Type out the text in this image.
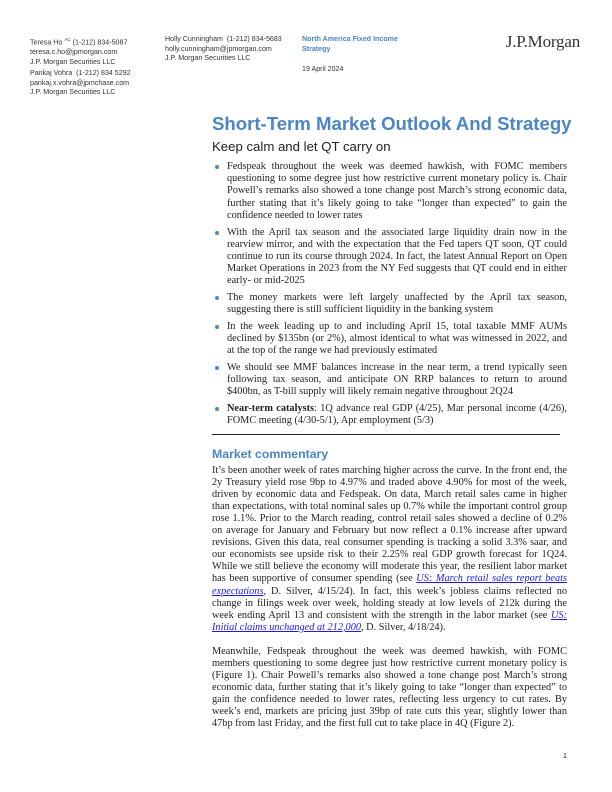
Teresa Ho $^{AC}$ (1-212) 834-5087
teresa.c.ho@jpmorgan.com
J.P. Morgan Securities LLC
Pankaj Vohra (1-212) 834 5292
pankaj.x.vohra@jpmchase.com
J.P. Morgan Securities LLC
Holly Cunningham (1-212) 834-5683
holly.cunningham@jpmorgan.com
J.P. Morgan Securities LLC
North America Fixed Income
Strategy
19 April 2024
J.P.Morgan
Short-Term Market Outlook And Strategy
Keep calm and let QT carry on
Fedspeak throughout the week was deemed hawkish, with FOMC members questioning to some degree just how restrictive current monetary policy is. Chair Powell’s remarks also showed a tone change post March’s strong economic data, further stating that it’s likely going to take “longer than expected” to gain the confidence needed to lower rates
With the April tax season and the associated large liquidity drain now in the rearview mirror, and with the expectation that the Fed tapers QT soon, QT could continue to run its course through 2024. In fact, the latest Annual Report on Open Market Operations in 2023 from the NY Fed suggests that QT could end in either early- or mid-2025
The money markets were left largely unaffected by the April tax season, suggesting there is still sufficient liquidity in the banking system
In the week leading up to and including April 15, total taxable MMF AUMs declined by $135bn (or 2%), almost identical to what was witnessed in 2022, and at the top of the range we had previously estimated
We should see MMF balances increase in the near term, a trend typically seen following tax season, and anticipate ON RRP balances to return to around $400bn, as T-bill supply will likely remain negative throughout 2Q24
Near-term catalysts: 1Q advance real GDP (4/25), Mar personal income (4/26), FOMC meeting (4/30-5/1), Apr employment (5/3)
Market commentary

It’s been another week of rates marching higher across the curve. In the front end, the 2y Treasury yield rose 9bp to 4.97% and traded above 4.90% for most of the week, driven by economic data and Fedspeak. On data, March retail sales came in higher than expectations, with total nominal sales up 0.7% while the important control group rose 1.1%. Prior to the March reading, control retail sales showed a decline of 0.2% on average for January and February but now reflect a 0.1% increase after upward revisions. Given this data, real consumer spending is tracking a solid 3.3% saar, and our economists see upside risk to their 2.25% real GDP growth forecast for 1Q24. While we still believe the economy will moderate this year, the resilient labor market has been supportive of consumer spending (see US: March retail sales report beats expectations, D. Silver, 4/15/24). In fact, this week’s jobless claims reflected no change in filings week over week, holding steady at low levels of 212k during the week ending April 13 and consistent with the strength in the labor market (see US: Initial claims unchanged at 212,000, D. Silver, 4/18/24).

Meanwhile, Fedspeak throughout the week was deemed hawkish, with FOMC members questioning to some degree just how restrictive current monetary policy is (Figure 1). Chair Powell’s remarks also showed a tone change post March’s strong economic data, further stating that it’s likely going to take “longer than expected” to gain the confidence needed to lower rates, reflecting less urgency to cut rates. By week’s end, markets are pricing just 39bp of rate cuts this year, slightly lower than 47bp from last Friday, and the first full cut to take place in 4Q (Figure 2).

1
